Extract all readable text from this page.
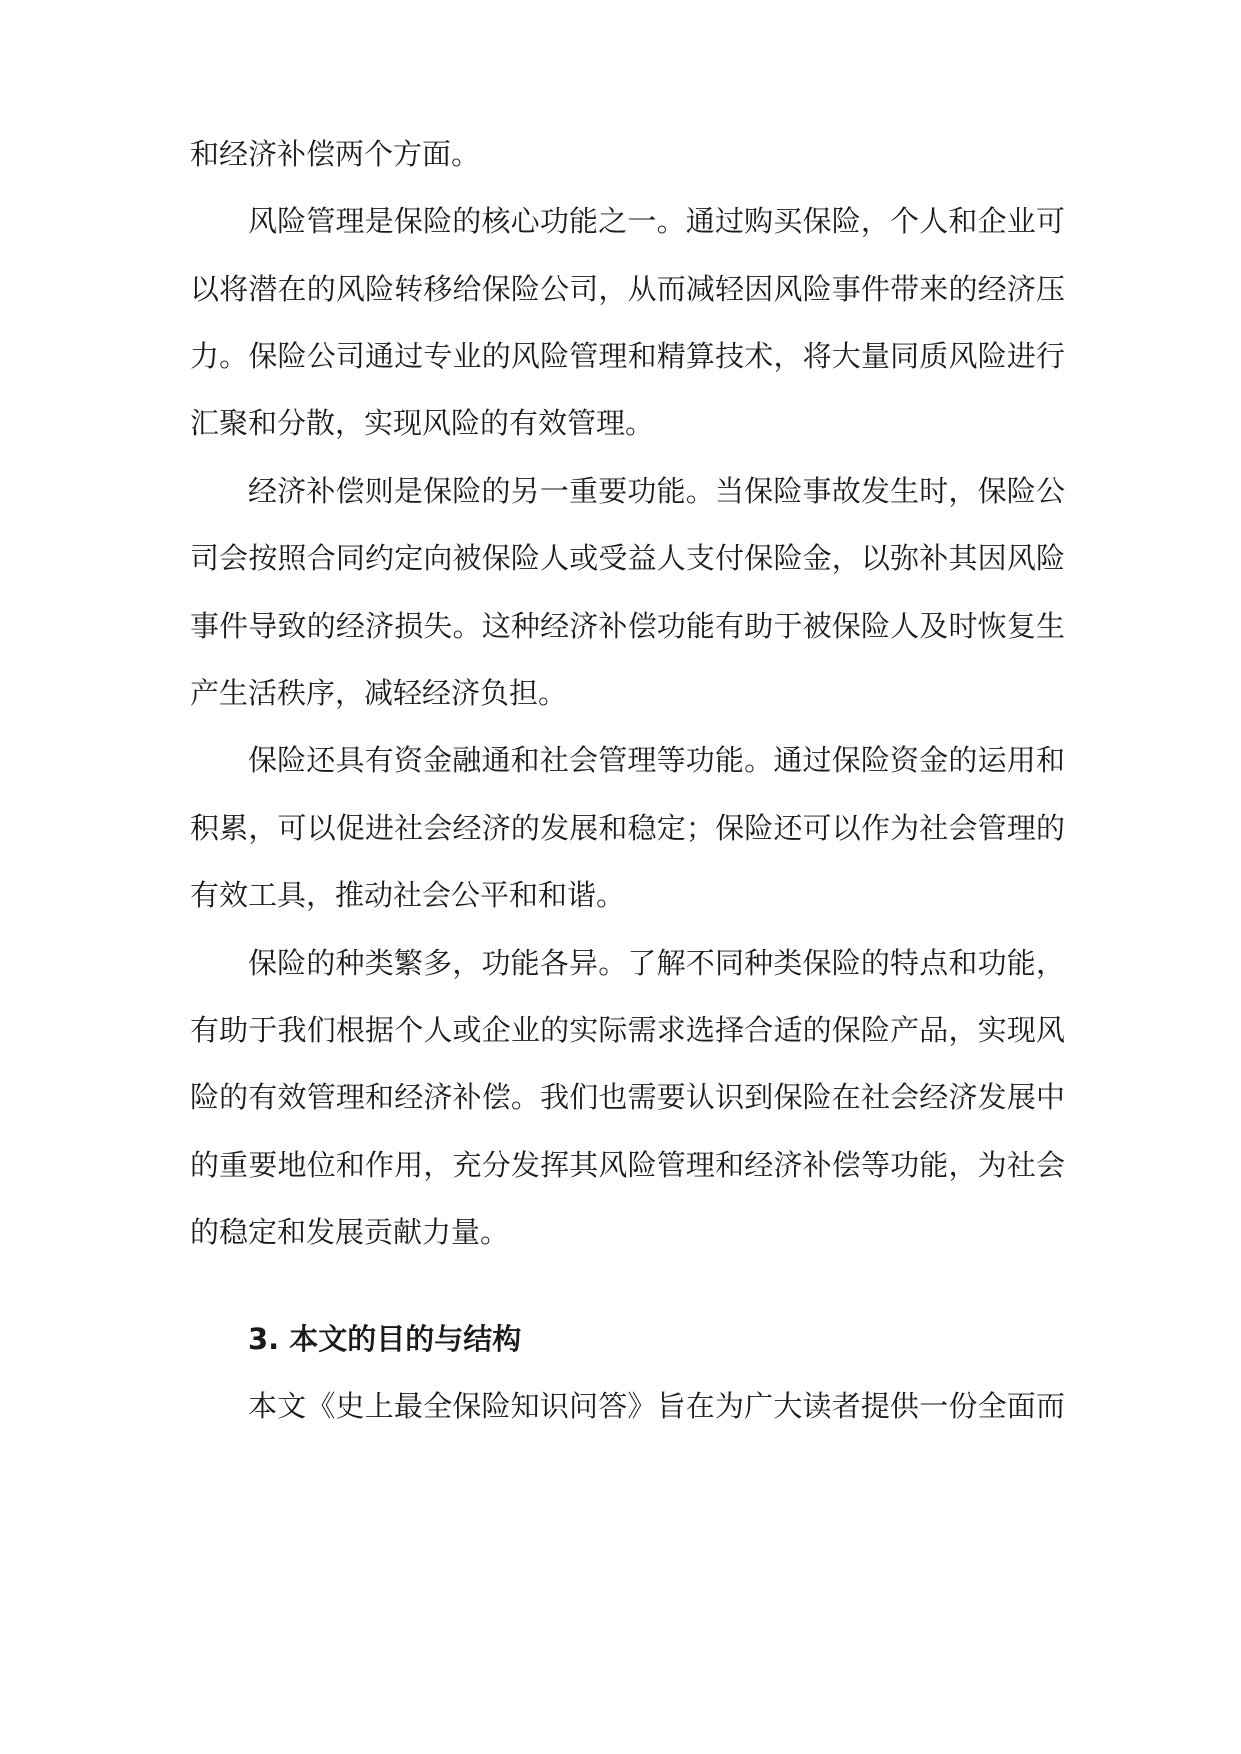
和经济补偿两个方面。
风险管理是保险的核心功能之一。通过购买保险，个人和企业可
以将潜在的风险转移给保险公司，从而减轻因风险事件带来的经济压
力。保险公司通过专业的风险管理和精算技术，将大量同质风险进行
汇聚和分散，实现风险的有效管理。
经济补偿则是保险的另一重要功能。当保险事故发生时，保险公
司会按照合同约定向被保险人或受益人支付保险金，以弥补其因风险
事件导致的经济损失。这种经济补偿功能有助于被保险人及时恢复生
产生活秩序，减轻经济负担。
保险还具有资金融通和社会管理等功能。通过保险资金的运用和
积累，可以促进社会经济的发展和稳定；保险还可以作为社会管理的
有效工具，推动社会公平和和谐。
保险的种类繁多，功能各异。了解不同种类保险的特点和功能，
有助于我们根据个人或企业的实际需求选择合适的保险产品，实现风
险的有效管理和经济补偿。我们也需要认识到保险在社会经济发展中
的重要地位和作用，充分发挥其风险管理和经济补偿等功能，为社会
的稳定和发展贡献力量。
3. 本文的目的与结构
本文《史上最全保险知识问答》旨在为广大读者提供一份全面而
